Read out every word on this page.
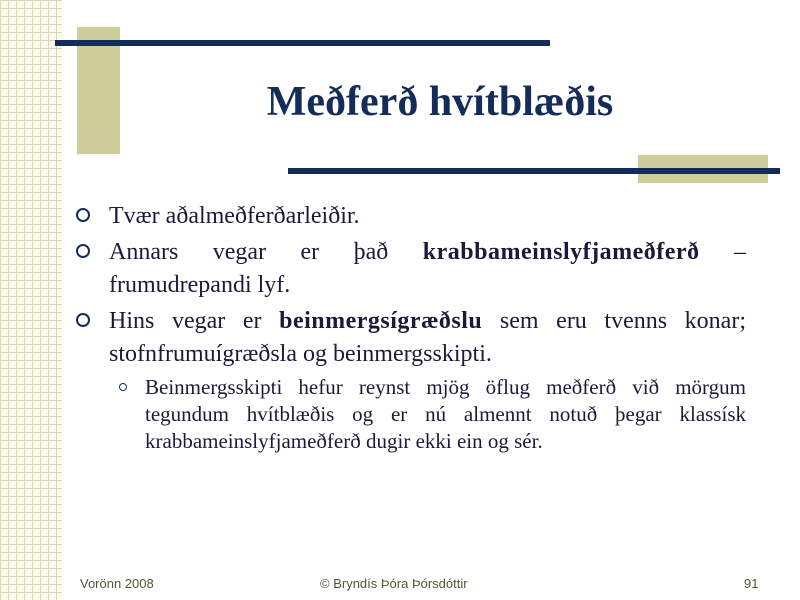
Meðferð hvítblæðis
Tvær aðalmeðferðarleiðir.
Annars vegar er það krabbameinslyfjameðferð – frumudrepandi lyf.
Hins vegar er beinmergsígræðslu sem eru tvenns konar; stofnfrumuígræðsla og beinmergsskipti.
Beinmergsskipti hefur reynst mjög öflug meðferð við mörgum tegundum hvítblæðis og er nú almennt notuð þegar klassísk krabbameinslyfjameðferð dugir ekki ein og sér.
Vorönn 2008	© Bryndís Þóra Þórsdóttir	91
